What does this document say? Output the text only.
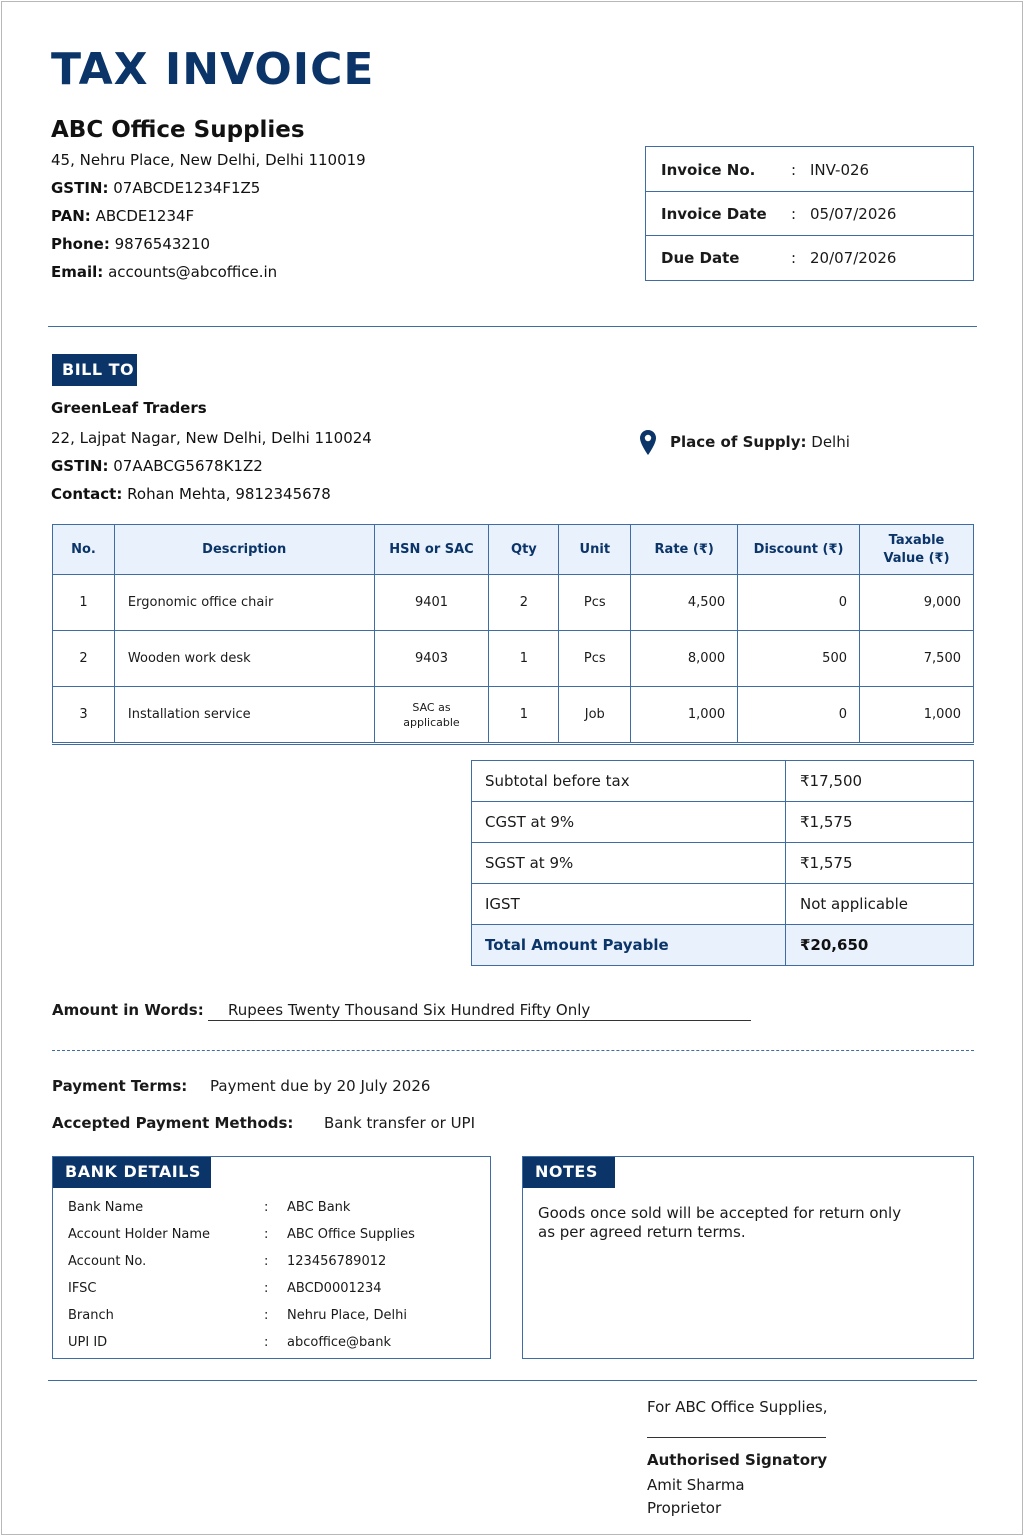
TAX INVOICE
ABC Office Supplies
45, Nehru Place, New Delhi, Delhi 110019
GSTIN: 07ABCDE1234F1Z5
PAN: ABCDE1234F
Phone: 9876543210
Email: accounts@abcoffice.in
Invoice No. : INV-026
Invoice Date : 05/07/2026
Due Date	: 20/07/2026
BILL TO
GreenLeaf Traders
22, Lajpat Nagar, New Delhi, Delhi 110024
GSTIN: 07AABCG5678K1Z2
Contact: Rohan Mehta, 9812345678
Place of Supply: Delhi
No.	Description	HSN or SAC	Qty	Unit	Rate (₹)	Discount (₹)	Taxable Value (₹)
1	Ergonomic office chair	9401	2	Pcs	4,500	0	9,000
2	Wooden work desk	9403	1	Pcs	8,000	500	7,500
3	Installation service	SAC as applicable	1	Job	1,000	0	1,000
Subtotal before tax	₹17,500
CGST at 9%	₹1,575
SGST at 9%	₹1,575
IGST	Not applicable
Total Amount Payable	₹20,650
Amount in Words: Rupees Twenty Thousand Six Hundred Fifty Only
Payment Terms: Payment due by 20 July 2026
Accepted Payment Methods: Bank transfer or UPI
BANK DETAILS
Bank Name	: ABC Bank
Account Holder Name	: ABC Office Supplies
Account No.	: 123456789012
IFSC	: ABCD0001234
Branch	: Nehru Place, Delhi
UPI ID	: abcoffice@bank
NOTES
Goods once sold will be accepted for return only
as per agreed return terms.
For ABC Office Supplies,
Authorised Signatory
Amit Sharma
Proprietor
